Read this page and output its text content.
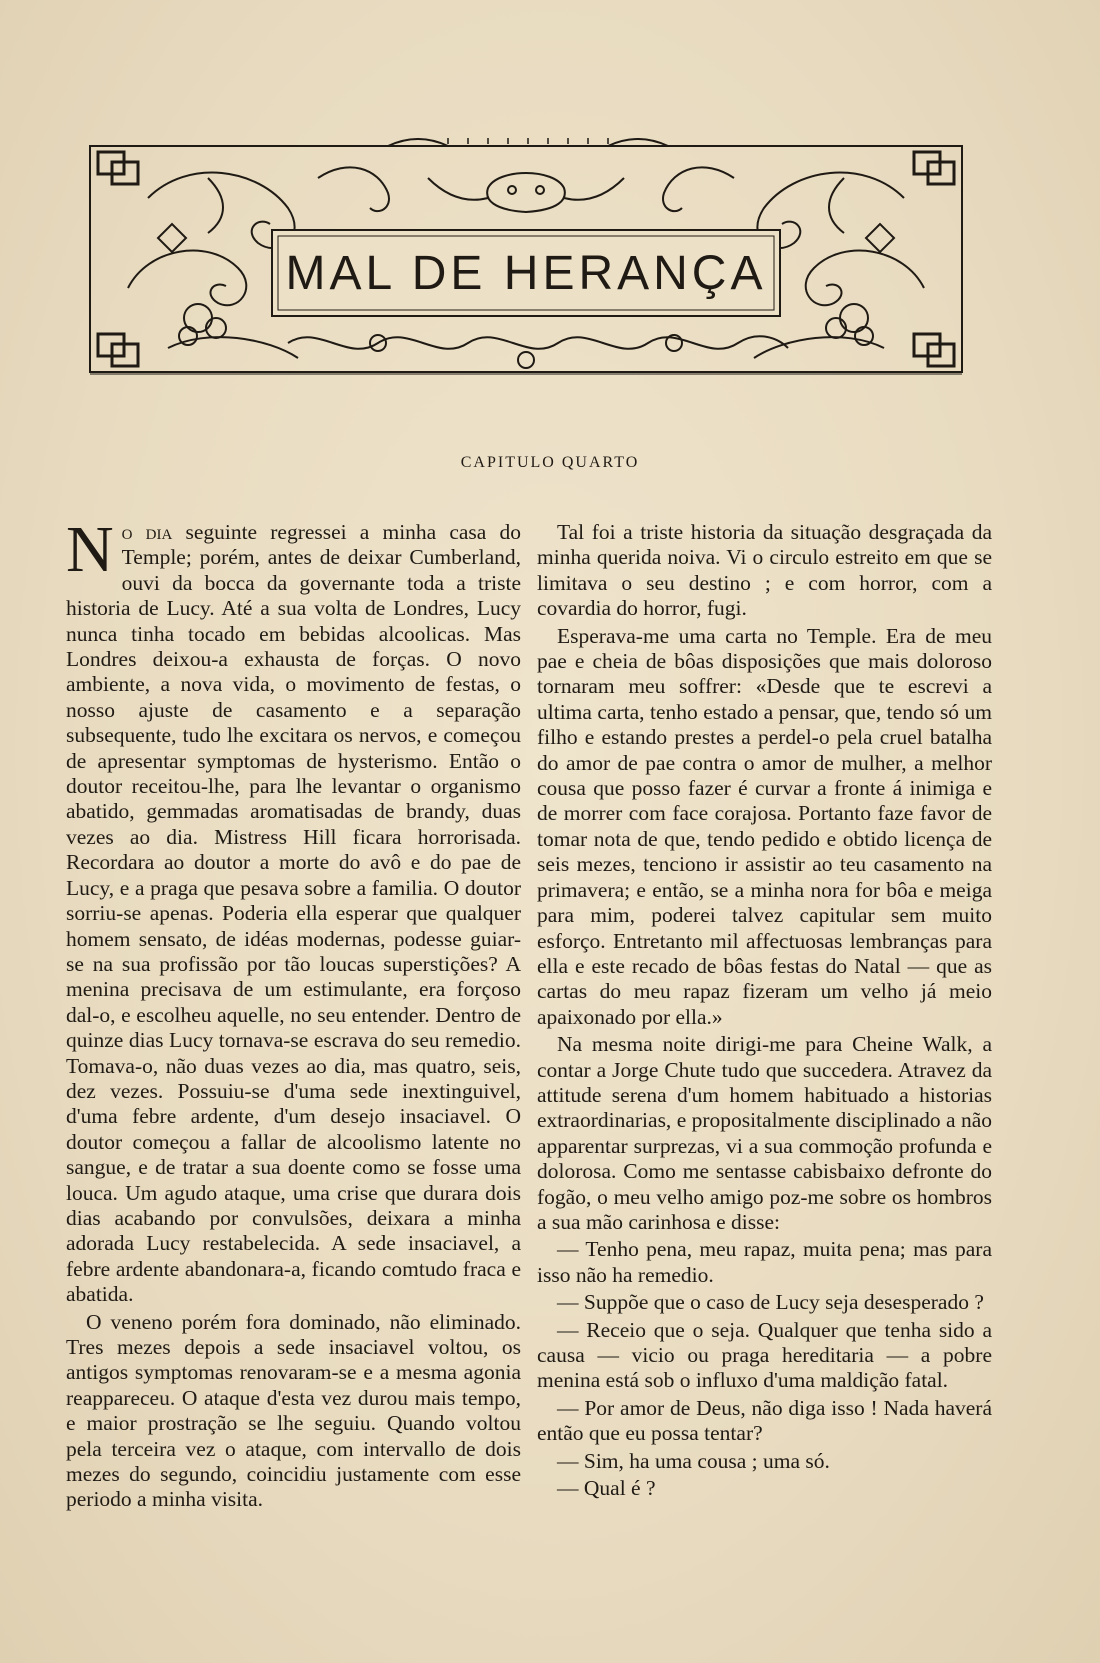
MAL DE HERANÇA
CAPITULO QUARTO

No dia seguinte regressei a minha casa do Temple; porém, antes de deixar Cumberland, ouvi da bocca da governante toda a triste historia de Lucy. Até a sua volta de Londres, Lucy nunca tinha tocado em bebidas alcoolicas. Mas Londres deixou-a exhausta de forças. O novo ambiente, a nova vida, o movimento de festas, o nosso ajuste de casamento e a separação subsequente, tudo lhe excitara os nervos, e começou de apresentar symptomas de hysterismo. Então o doutor receitou-lhe, para lhe levantar o organismo abatido, gemmadas aromatisadas de brandy, duas vezes ao dia. Mistress Hill ficara horrorisada. Recordara ao doutor a morte do avô e do pae de Lucy, e a praga que pesava sobre a familia. O doutor sorriu-se apenas. Poderia ella esperar que qualquer homem sensato, de idéas modernas, podesse guiar-se na sua profissão por tão loucas superstições? A menina precisava de um estimulante, era forçoso dal-o, e escolheu aquelle, no seu entender. Dentro de quinze dias Lucy tornava-se escrava do seu remedio. Tomava-o, não duas vezes ao dia, mas quatro, seis, dez vezes. Possuiu-se d'uma sede inextinguivel, d'uma febre ardente, d'um desejo insaciavel. O doutor começou a fallar de alcoolismo latente no sangue, e de tratar a sua doente como se fosse uma louca. Um agudo ataque, uma crise que durara dois dias acabando por convulsões, deixara a minha adorada Lucy restabelecida. A sede insaciavel, a febre ardente abandonara-a, ficando comtudo fraca e abatida.

O veneno porém fora dominado, não eliminado. Tres mezes depois a sede insaciavel voltou, os antigos symptomas renovaram-se e a mesma agonia reappareceu. O ataque d'esta vez durou mais tempo, e maior prostração se lhe seguiu. Quando voltou pela terceira vez o ataque, com intervallo de dois mezes do segundo, coincidiu justamente com esse periodo a minha visita.

Tal foi a triste historia da situação desgraçada da minha querida noiva. Vi o circulo estreito em que se limitava o seu destino ; e com horror, com a covardia do horror, fugi.

Esperava-me uma carta no Temple. Era de meu pae e cheia de bôas disposições que mais doloroso tornaram meu soffrer: «Desde que te escrevi a ultima carta, tenho estado a pensar, que, tendo só um filho e estando prestes a perdel-o pela cruel batalha do amor de pae contra o amor de mulher, a melhor cousa que posso fazer é curvar a fronte á inimiga e de morrer com face corajosa. Portanto faze favor de tomar nota de que, tendo pedido e obtido licença de seis mezes, tenciono ir assistir ao teu casamento na primavera; e então, se a minha nora for bôa e meiga para mim, poderei talvez capitular sem muito esforço. Entretanto mil affectuosas lembranças para ella e este recado de bôas festas do Natal — que as cartas do meu rapaz fizeram um velho já meio apaixonado por ella.»

Na mesma noite dirigi-me para Cheine Walk, a contar a Jorge Chute tudo que succedera. Atravez da attitude serena d'um homem habituado a historias extraordinarias, e propositalmente disciplinado a não apparentar surprezas, vi a sua commoção profunda e dolorosa. Como me sentasse cabisbaixo defronte do fogão, o meu velho amigo poz-me sobre os hombros a sua mão carinhosa e disse:

— Tenho pena, meu rapaz, muita pena; mas para isso não ha remedio.

— Suppõe que o caso de Lucy seja desesperado ?

— Receio que o seja. Qualquer que tenha sido a causa — vicio ou praga hereditaria — a pobre menina está sob o influxo d'uma maldição fatal.

— Por amor de Deus, não diga isso ! Nada haverá então que eu possa tentar?

— Sim, ha uma cousa ; uma só.

— Qual é ?
